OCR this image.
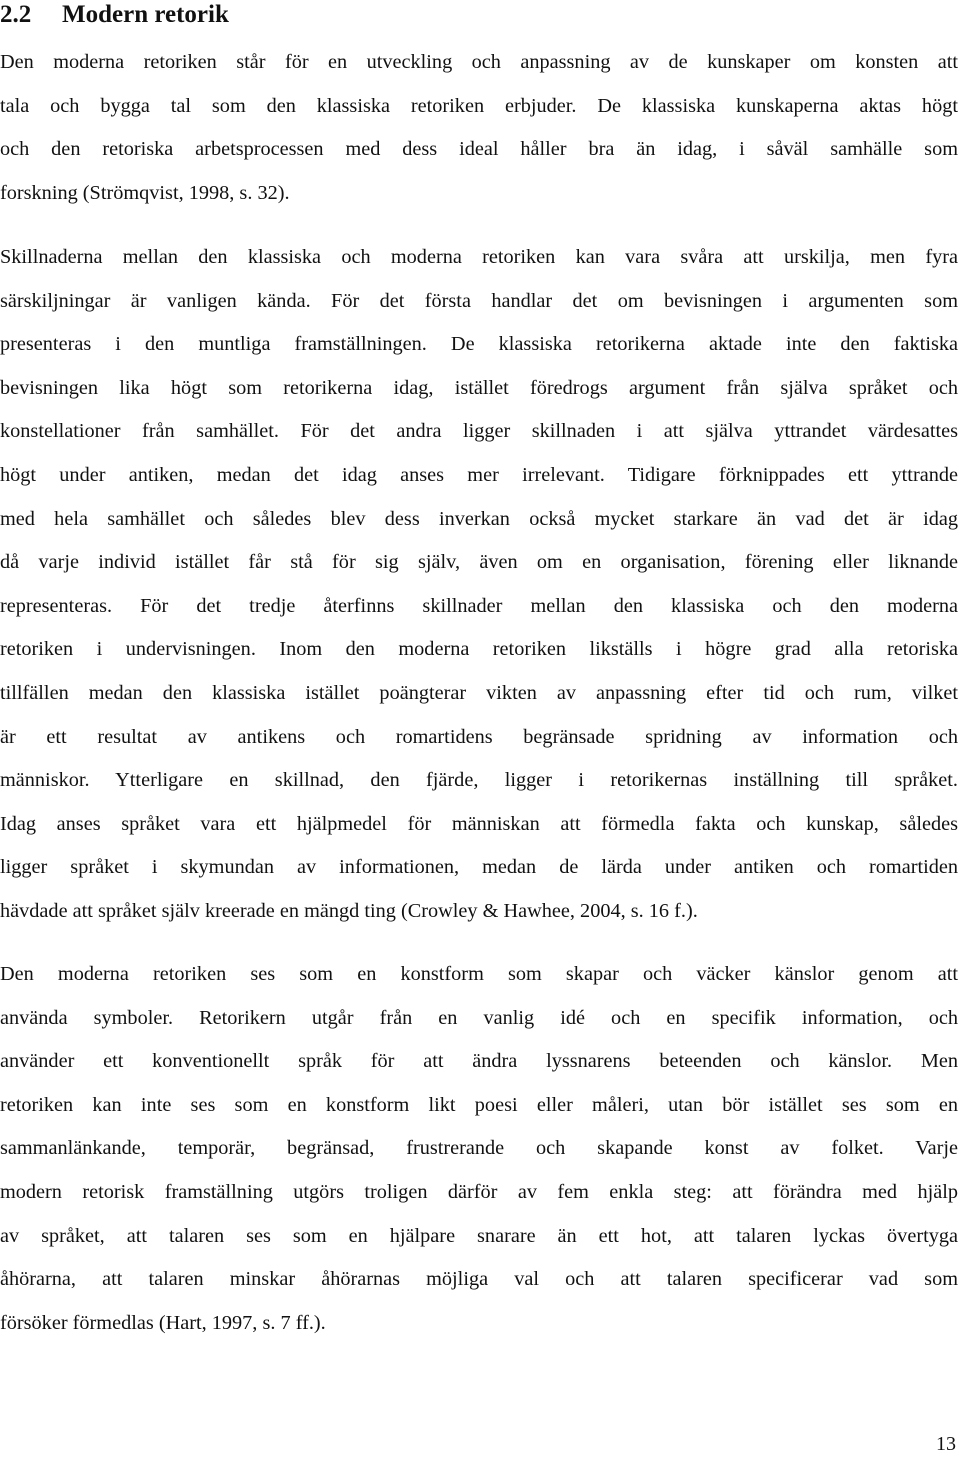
2.2 Modern retorik

Den moderna retoriken står för en utveckling och anpassning av de kunskaper om konsten att
tala och bygga tal som den klassiska retoriken erbjuder. De klassiska kunskaperna aktas högt
och den retoriska arbetsprocessen med dess ideal håller bra än idag, i såväl samhälle som
forskning (Strömqvist, 1998, s. 32).

Skillnaderna mellan den klassiska och moderna retoriken kan vara svåra att urskilja, men fyra
särskiljningar är vanligen kända. För det första handlar det om bevisningen i argumenten som
presenteras i den muntliga framställningen. De klassiska retorikerna aktade inte den faktiska
bevisningen lika högt som retorikerna idag, istället föredrogs argument från själva språket och
konstellationer från samhället. För det andra ligger skillnaden i att själva yttrandet värdesattes
högt under antiken, medan det idag anses mer irrelevant. Tidigare förknippades ett yttrande
med hela samhället och således blev dess inverkan också mycket starkare än vad det är idag
då varje individ istället får stå för sig själv, även om en organisation, förening eller liknande
representeras. För det tredje återfinns skillnader mellan den klassiska och den moderna
retoriken i undervisningen. Inom den moderna retoriken likställs i högre grad alla retoriska
tillfällen medan den klassiska istället poängterar vikten av anpassning efter tid och rum, vilket
är ett resultat av antikens och romartidens begränsade spridning av information och
människor. Ytterligare en skillnad, den fjärde, ligger i retorikernas inställning till språket.
Idag anses språket vara ett hjälpmedel för människan att förmedla fakta och kunskap, således
ligger språket i skymundan av informationen, medan de lärda under antiken och romartiden
hävdade att språket själv kreerade en mängd ting (Crowley & Hawhee, 2004, s. 16 f.).

Den moderna retoriken ses som en konstform som skapar och väcker känslor genom att
använda symboler. Retorikern utgår från en vanlig idé och en specifik information, och
använder ett konventionellt språk för att ändra lyssnarens beteenden och känslor. Men
retoriken kan inte ses som en konstform likt poesi eller måleri, utan bör istället ses som en
sammanlänkande, temporär, begränsad, frustrerande och skapande konst av folket. Varje
modern retorisk framställning utgörs troligen därför av fem enkla steg: att förändra med hjälp
av språket, att talaren ses som en hjälpare snarare än ett hot, att talaren lyckas övertyga
åhörarna, att talaren minskar åhörarnas möjliga val och att talaren specificerar vad som
försöker förmedlas (Hart, 1997, s. 7 ff.).

13
